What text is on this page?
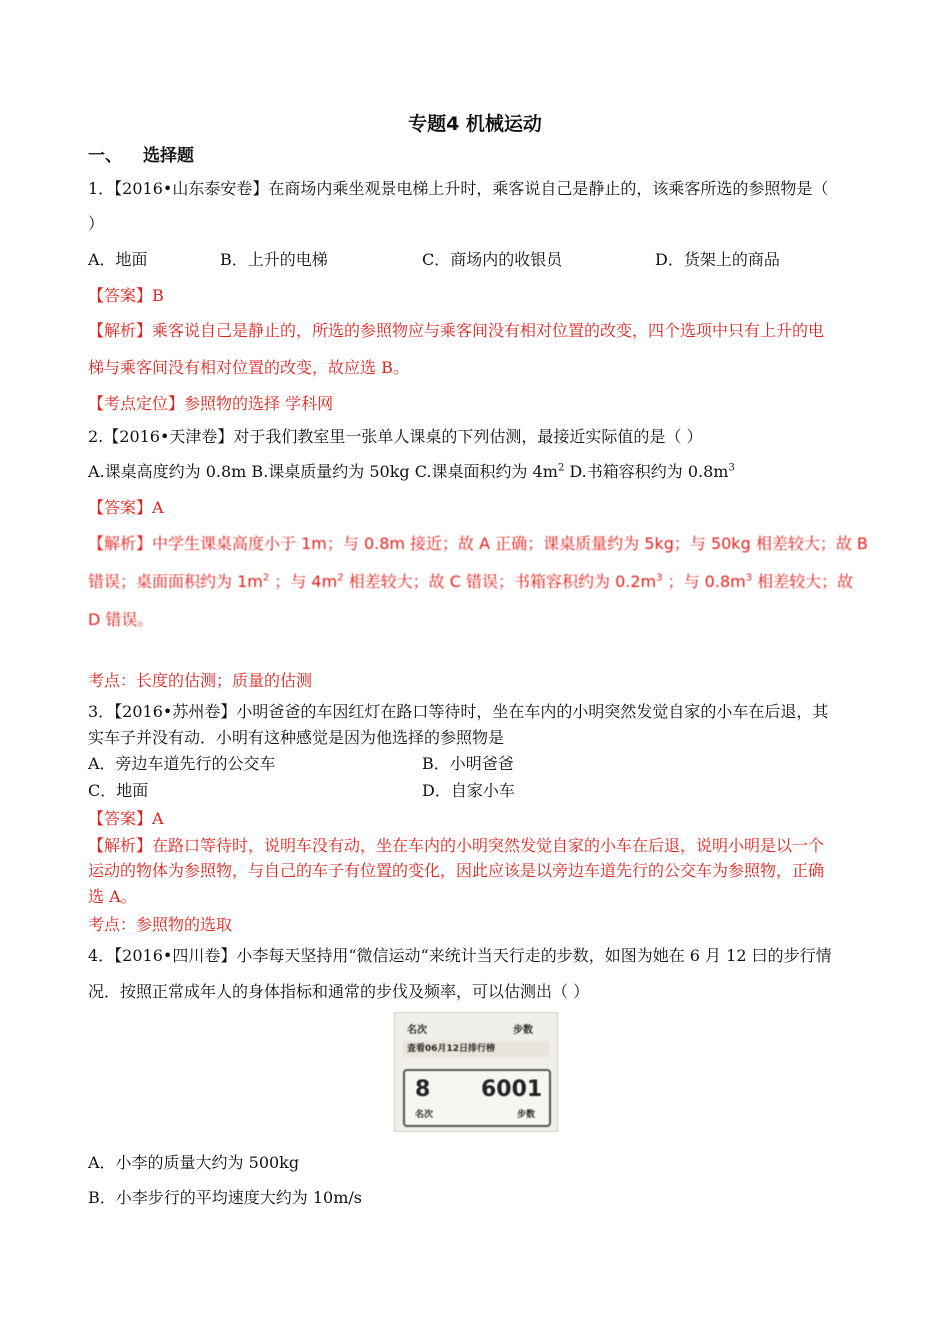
专题4 机械运动
一、 选择题
1．【2016•山东泰安卷】在商场内乘坐观景电梯上升时，乘客说自己是静止的，该乘客所选的参照物是（
）
A．地面	B．上升的电梯	C．商场内的收银员	D．货架上的商品
【答案】B
【解析】乘客说自己是静止的，所选的参照物应与乘客间没有相对位置的改变，四个选项中只有上升的电
梯与乘客间没有相对位置的改变，故应选 B。
【考点定位】参照物的选择 学科网
2.【2016•天津卷】对于我们教室里一张单人课桌的下列估测，最接近实际值的是（ ）
A.课桌高度约为 0.8m B.课桌质量约为 50kg C.课桌面积约为 $4m^2$ D.书箱容积约为 $0.8m^3$
【答案】A
【解析】中学生课桌高度小于 1m；与 0.8m 接近；故 A 正确；课桌质量约为 5kg；与 50kg 相差较大；故 B
错误；桌面面积约为 $1m^2$ ；与 $4m^2$ 相差较大；故 C 错误；书箱容积约为 $0.2m^3$ ；与 $0.8m^3$ 相差较大；故
D 错误。
考点：长度的估测；质量的估测
3．【2016•苏州卷】小明爸爸的车因红灯在路口等待时，坐在车内的小明突然发觉自家的小车在后退，其
实车子并没有动．小明有这种感觉是因为他选择的参照物是
A．旁边车道先行的公交车	B．小明爸爸
C．地面	D．自家小车
【答案】A
【解析】在路口等待时，说明车没有动，坐在车内的小明突然发觉自家的小车在后退，说明小明是以一个
运动的物体为参照物，与自己的车子有位置的变化，因此应该是以旁边车道先行的公交车为参照物，正确
选 A。
考点：参照物的选取
4．【2016•四川卷】小李每天坚持用“微信运动“来统计当天行走的步数，如图为她在 6 月 12 曰的步行情
况．按照正常成年人的身体指标和通常的步伐及频率，可以估测出（ ）
名次	步数
查看06月12日排行榜
8 6001
名次	步数
A．小李的质量大约为 500kg
B．小李步行的平均速度大约为 10m/s
